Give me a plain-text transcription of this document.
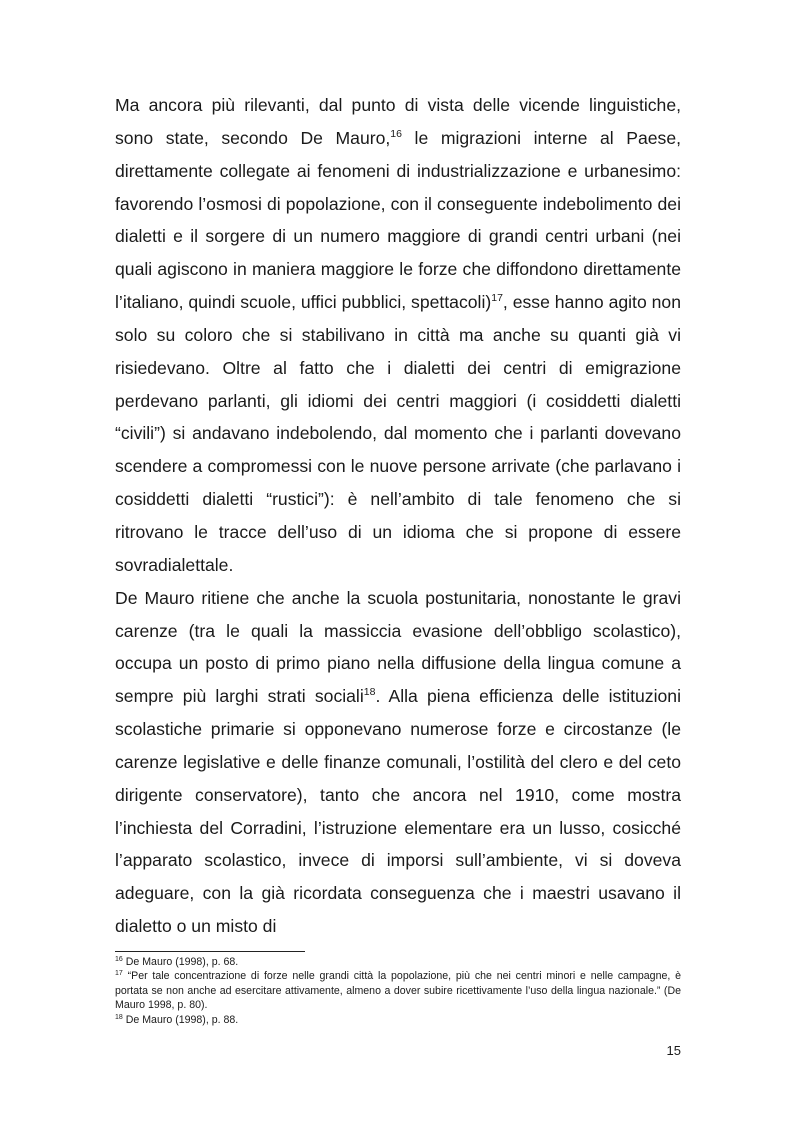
Ma ancora più rilevanti, dal punto di vista delle vicende linguistiche, sono state, secondo De Mauro,$^{16}$ le migrazioni interne al Paese, direttamente collegate ai fenomeni di industrializzazione e urbanesimo: favorendo l’osmosi di popolazione, con il conseguente indebolimento dei dialetti e il sorgere di un numero maggiore di grandi centri urbani (nei quali agiscono in maniera maggiore le forze che diffondono direttamente l’italiano, quindi scuole, uffici pubblici, spettacoli)$^{17}$, esse hanno agito non solo su coloro che si stabilivano in città ma anche su quanti già vi risiedevano. Oltre al fatto che i dialetti dei centri di emigrazione perdevano parlanti, gli idiomi dei centri maggiori (i cosiddetti dialetti “civili”) si andavano indebolendo, dal momento che i parlanti dovevano scendere a compromessi con le nuove persone arrivate (che parlavano i cosiddetti dialetti “rustici”): è nell’ambito di tale fenomeno che si ritrovano le tracce dell’uso di un idioma che si propone di essere sovradialettale.

De Mauro ritiene che anche la scuola postunitaria, nonostante le gravi carenze (tra le quali la massiccia evasione dell’obbligo scolastico), occupa un posto di primo piano nella diffusione della lingua comune a sempre più larghi strati sociali$^{18}$. Alla piena efficienza delle istituzioni scolastiche primarie si opponevano numerose forze e circostanze (le carenze legislative e delle finanze comunali, l’ostilità del clero e del ceto dirigente conservatore), tanto che ancora nel 1910, come mostra l’inchiesta del Corradini, l’istruzione elementare era un lusso, cosicché l’apparato scolastico, invece di imporsi sull’ambiente, vi si doveva adeguare, con la già ricordata conseguenza che i maestri usavano il dialetto o un misto di

$^{16}$ De Mauro (1998), p. 68.

$^{17}$ “Per tale concentrazione di forze nelle grandi città la popolazione, più che nei centri minori e nelle campagne, è portata se non anche ad esercitare attivamente, almeno a dover subire ricettivamente l’uso della lingua nazionale.” (De Mauro 1998, p. 80).

$^{18}$ De Mauro (1998), p. 88.

15
